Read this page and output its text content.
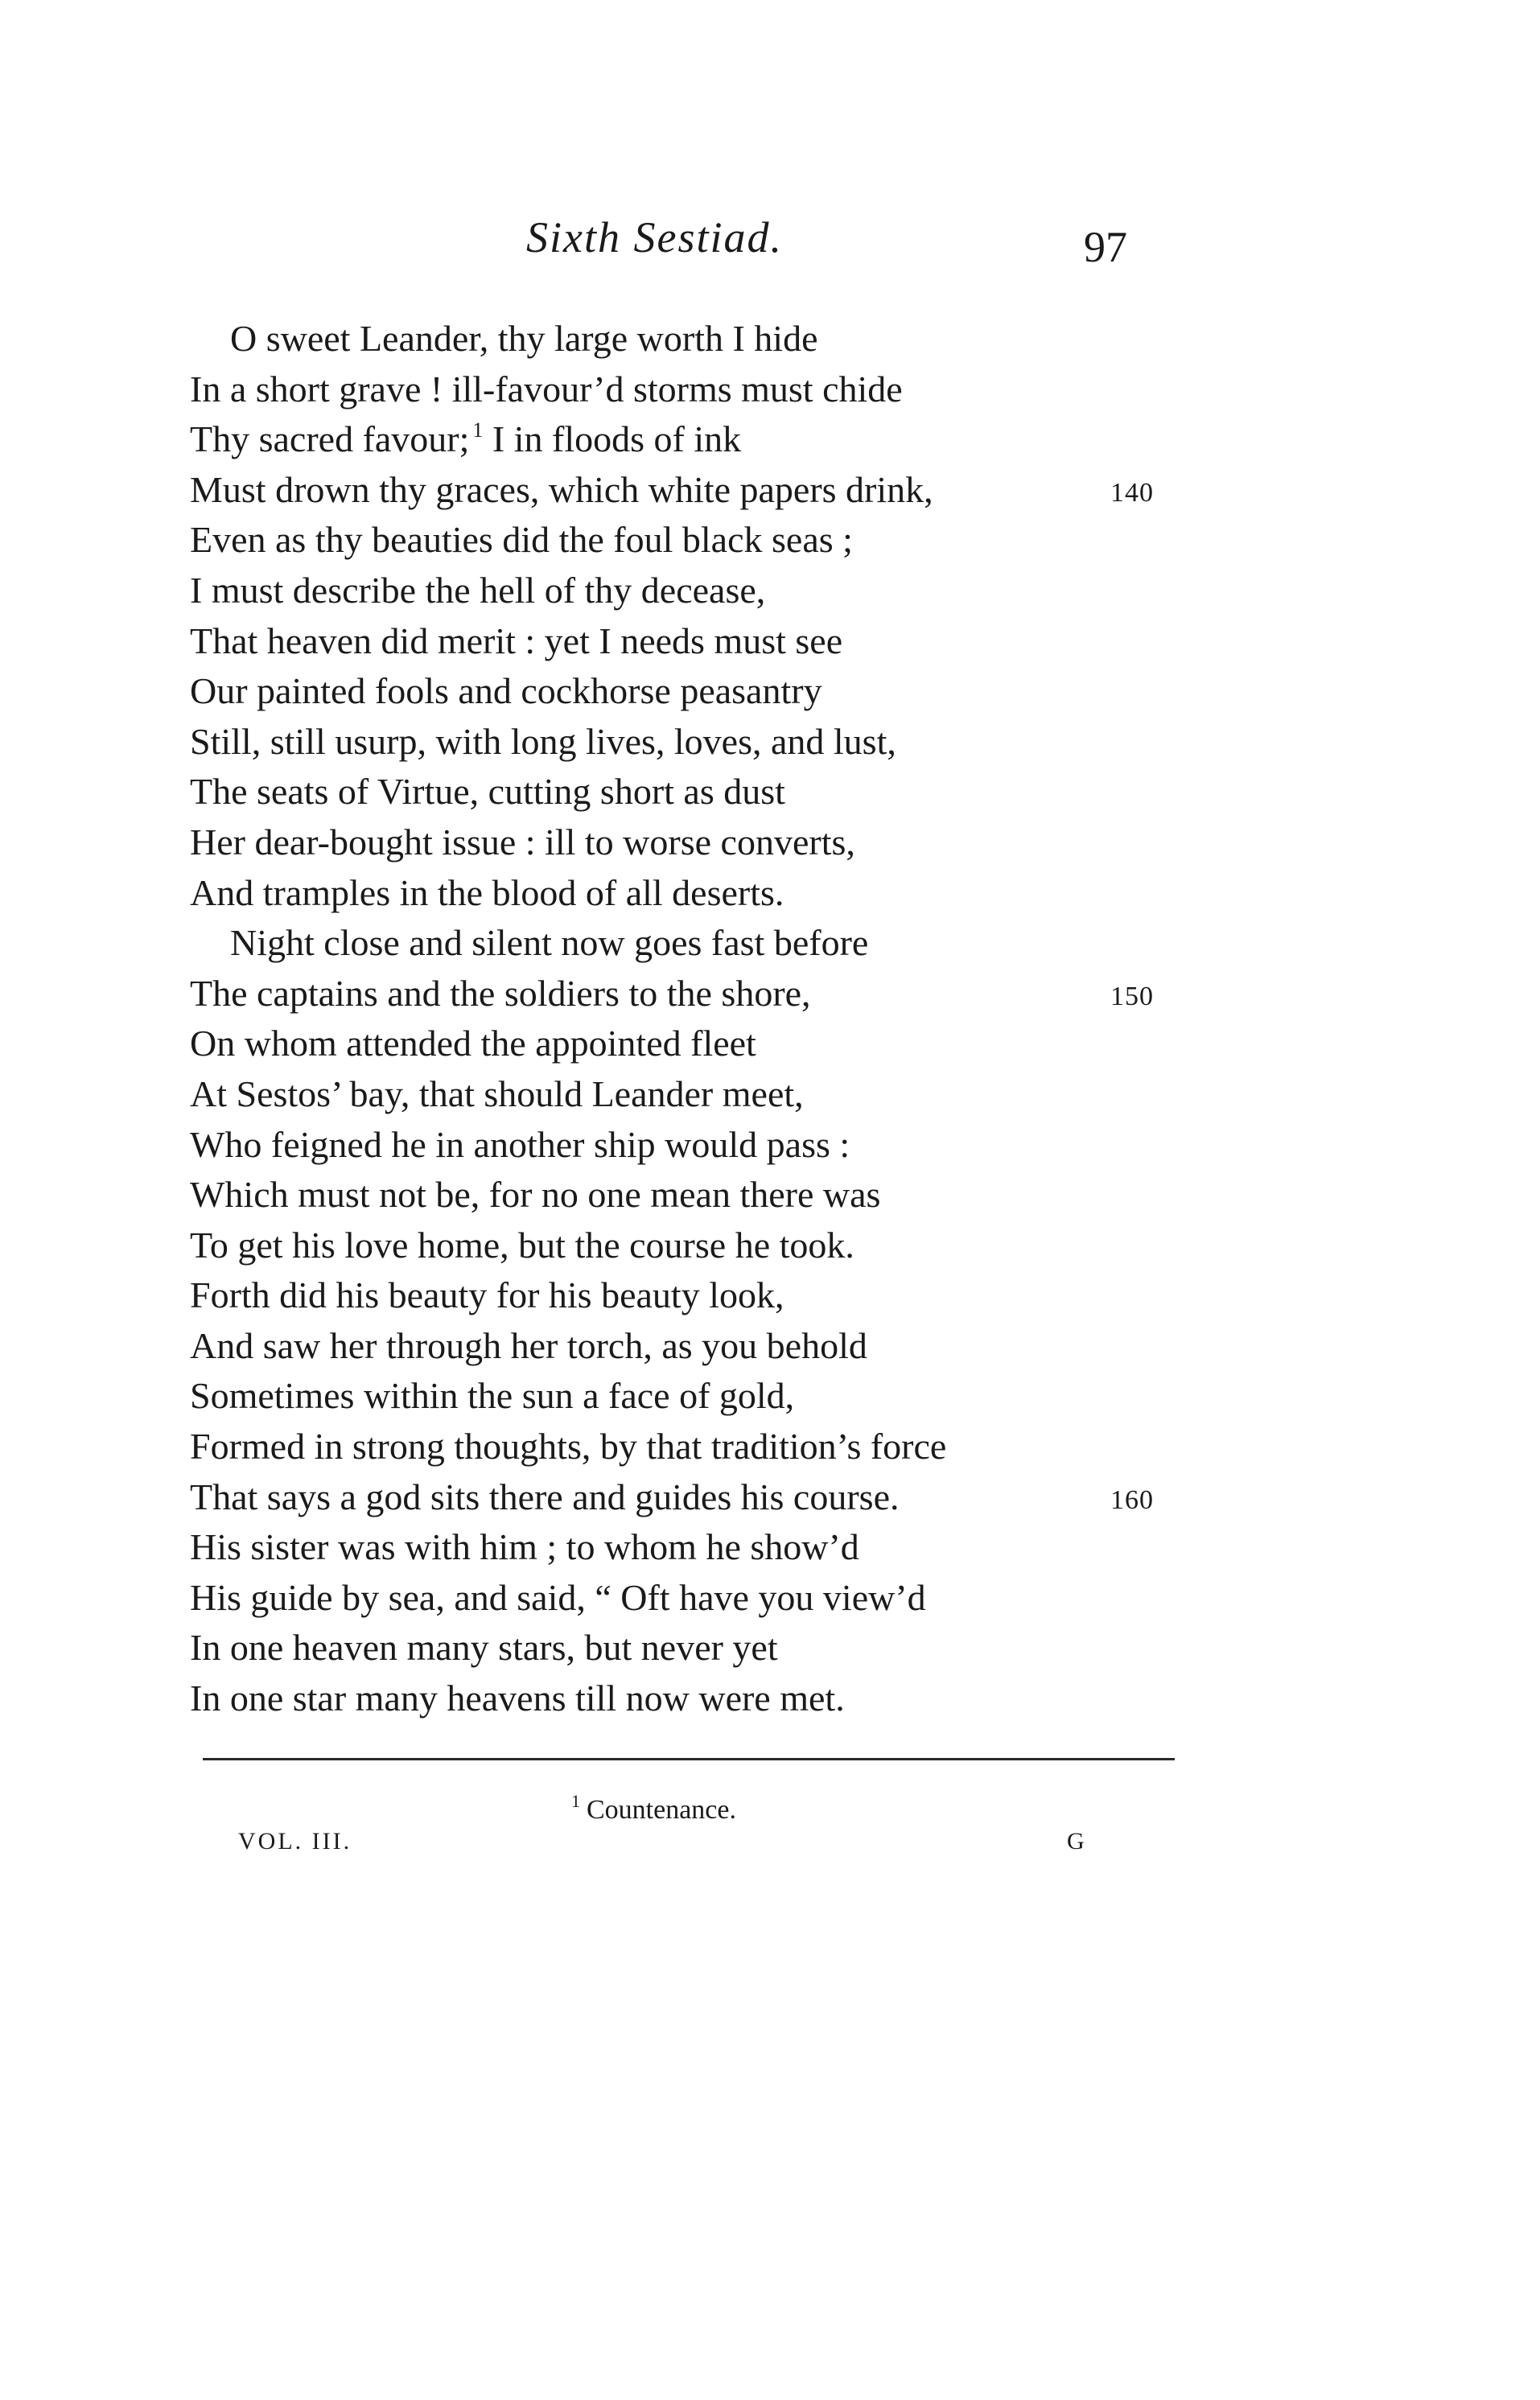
Sixth Sestiad.	97
O sweet Leander, thy large worth I hide
In a short grave ! ill-favour’d storms must chide
Thy sacred favour; $^1$ I in floods of ink
Must drown thy graces, which white papers drink,	140
Even as thy beauties did the foul black seas ;
I must describe the hell of thy decease,
That heaven did merit : yet I needs must see
Our painted fools and cockhorse peasantry
Still, still usurp, with long lives, loves, and lust,
The seats of Virtue, cutting short as dust
Her dear-bought issue : ill to worse converts,
And tramples in the blood of all deserts.
Night close and silent now goes fast before
The captains and the soldiers to the shore,	150
On whom attended the appointed fleet
At Sestos’ bay, that should Leander meet,
Who feigned he in another ship would pass :
Which must not be, for no one mean there was
To get his love home, but the course he took.
Forth did his beauty for his beauty look,
And saw her through her torch, as you behold
Sometimes within the sun a face of gold,
Formed in strong thoughts, by that tradition’s force
That says a god sits there and guides his course.	160
His sister was with him ; to whom he show’d
His guide by sea, and said, “ Oft have you view’d
In one heaven many stars, but never yet
In one star many heavens till now were met.
$^1$ Countenance.
VOL. III.	G
